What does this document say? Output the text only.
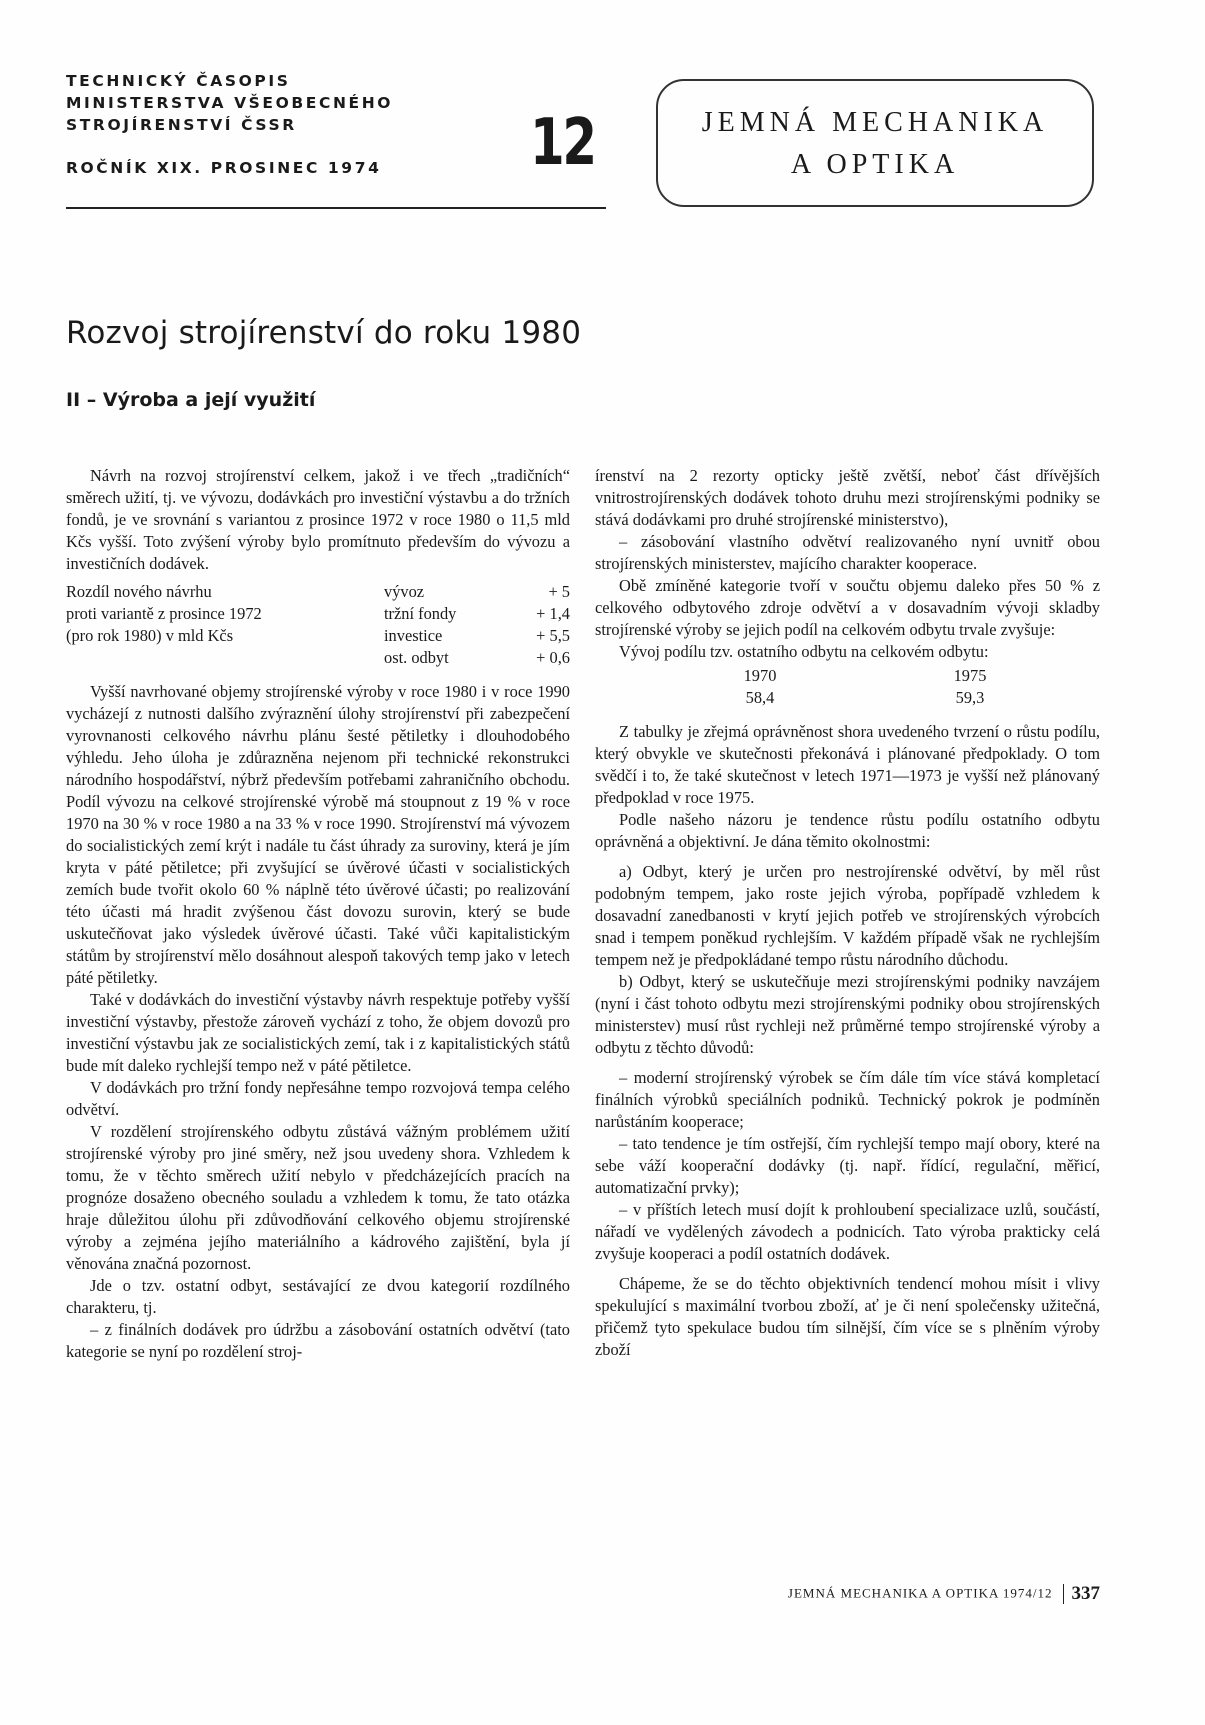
TECHNICKÝ ČASOPIS
MINISTERSTVA VŠEOBECNÉHO
STROJÍRENSTVÍ ČSSR
ROČNÍK XIX. PROSINEC 1974	12	JEMNÁ MECHANIKA
A OPTIKA
Rozvoj strojírenství do roku 1980
II – Výroba a její využití

Návrh na rozvoj strojírenství celkem, jakož i ve třech „tradičních“ směrech užití, tj. ve vývozu, dodávkách pro investiční výstavbu a do tržních fondů, je ve srovnání s variantou z prosince 1972 v roce 1980 o 11,5 mld Kčs vyšší. Toto zvýšení výroby bylo promítnuto především do vývozu a investičních dodávek.

Rozdíl nového návrhu	vývoz	+ 5
proti variantě z prosince 1972	tržní fondy	+ 1,4
(pro rok 1980) v mld Kčs	investice	+ 5,5
	ost. odbyt	+ 0,6

Vyšší navrhované objemy strojírenské výroby v roce 1980 i v roce 1990 vycházejí z nutnosti dalšího zvýraznění úlohy strojírenství při zabezpečení vyrovnanosti celkového návrhu plánu šesté pětiletky i dlouhodobého výhledu. Jeho úloha je zdůrazněna nejenom při technické rekonstrukci národního hospodářství, nýbrž především potřebami zahraničního obchodu. Podíl vývozu na celkové strojírenské výrobě má stoupnout z 19 % v roce 1970 na 30 % v roce 1980 a na 33 % v roce 1990. Strojírenství má vývozem do socialistických zemí krýt i nadále tu část úhrady za suroviny, která je jím kryta v páté pětiletce; při zvyšující se úvěrové účasti v socialistických zemích bude tvořit okolo 60 % náplně této úvěrové účasti; po realizování této účasti má hradit zvýšenou část dovozu surovin, který se bude uskutečňovat jako výsledek úvěrové účasti. Také vůči kapitalistickým státům by strojírenství mělo dosáhnout alespoň takových temp jako v letech páté pětiletky.

Také v dodávkách do investiční výstavby návrh respektuje potřeby vyšší investiční výstavby, přestože zároveň vychází z toho, že objem dovozů pro investiční výstavbu jak ze socialistických zemí, tak i z kapitalistických států bude mít daleko rychlejší tempo než v páté pětiletce.

V dodávkách pro tržní fondy nepřesáhne tempo rozvojová tempa celého odvětví.

V rozdělení strojírenského odbytu zůstává vážným problémem užití strojírenské výroby pro jiné směry, než jsou uvedeny shora. Vzhledem k tomu, že v těchto směrech užití nebylo v předcházejících pracích na prognóze dosaženo obecného souladu a vzhledem k tomu, že tato otázka hraje důležitou úlohu při zdůvodňování celkového objemu strojírenské výroby a zejména jejího materiálního a kádrového zajištění, byla jí věnována značná pozornost.

Jde o tzv. ostatní odbyt, sestávající ze dvou kategorií rozdílného charakteru, tj.

– z finálních dodávek pro údržbu a zásobování ostatních odvětví (tato kategorie se nyní po rozdělení stroj-

írenství na 2 rezorty opticky ještě zvětší, neboť část dřívějších vnitrostrojírenských dodávek tohoto druhu mezi strojírenskými podniky se stává dodávkami pro druhé strojírenské ministerstvo),

– zásobování vlastního odvětví realizovaného nyní uvnitř obou strojírenských ministerstev, majícího charakter kooperace.

Obě zmíněné kategorie tvoří v součtu objemu daleko přes 50 % z celkového odbytového zdroje odvětví a v dosavadním vývoji skladby strojírenské výroby se jejich podíl na celkovém odbytu trvale zvyšuje:

Vývoj podílu tzv. ostatního odbytu na celkovém odbytu:

1970	1975
58,4	59,3

Z tabulky je zřejmá oprávněnost shora uvedeného tvrzení o růstu podílu, který obvykle ve skutečnosti překonává i plánované předpoklady. O tom svědčí i to, že také skutečnost v letech 1971—1973 je vyšší než plánovaný předpoklad v roce 1975.

Podle našeho názoru je tendence růstu podílu ostatního odbytu oprávněná a objektivní. Je dána těmito okolnostmi:

a) Odbyt, který je určen pro nestrojírenské odvětví, by měl růst podobným tempem, jako roste jejich výroba, popřípadě vzhledem k dosavadní zanedbanosti v krytí jejich potřeb ve strojírenských výrobcích snad i tempem poněkud rychlejším. V každém případě však ne rychlejším tempem než je předpokládané tempo růstu národního důchodu.

b) Odbyt, který se uskutečňuje mezi strojírenskými podniky navzájem (nyní i část tohoto odbytu mezi strojírenskými podniky obou strojírenských ministerstev) musí růst rychleji než průměrné tempo strojírenské výroby a odbytu z těchto důvodů:

– moderní strojírenský výrobek se čím dále tím více stává kompletací finálních výrobků speciálních podniků. Technický pokrok je podmíněn narůstáním kooperace;

– tato tendence je tím ostřejší, čím rychlejší tempo mají obory, které na sebe váží kooperační dodávky (tj. např. řídící, regulační, měřicí, automatizační prvky);

– v příštích letech musí dojít k prohloubení specializace uzlů, součástí, nářadí ve vydělených závodech a podnicích. Tato výroba prakticky celá zvyšuje kooperaci a podíl ostatních dodávek.

Chápeme, že se do těchto objektivních tendencí mohou mísit i vlivy spekulující s maximální tvorbou zboží, ať je či není společensky užitečná, přičemž tyto spekulace budou tím silnější, čím více se s plněním výroby zboží

JEMNÁ MECHANIKA A OPTIKA 1974/12 337
